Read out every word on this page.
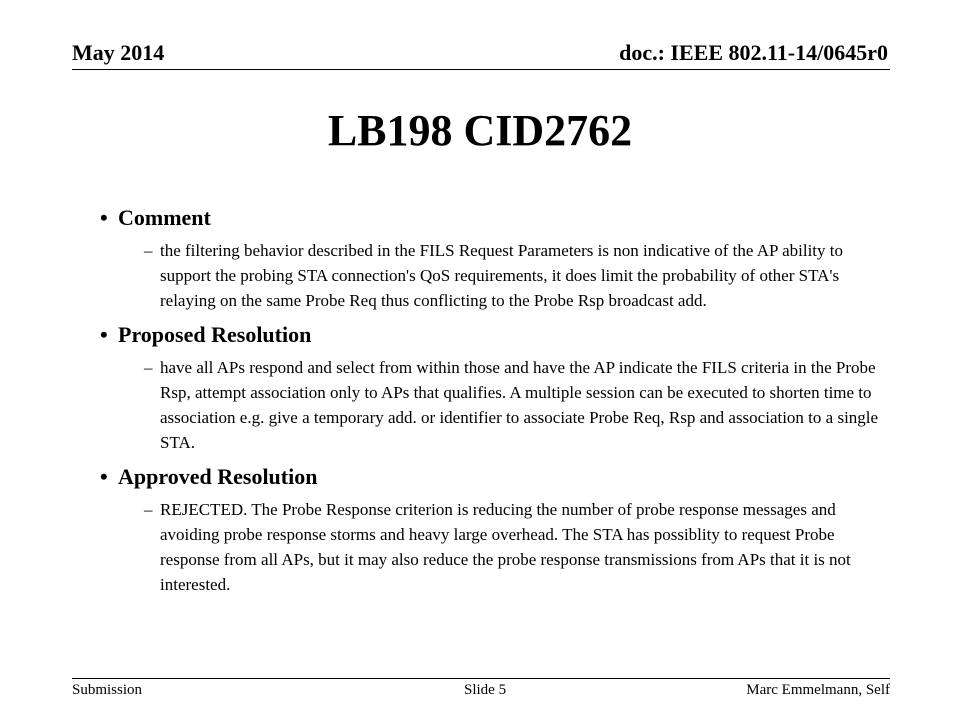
May 2014	doc.: IEEE 802.11-14/0645r0
LB198 CID2762
• Comment
– the filtering behavior described in the FILS Request Parameters is non indicative of the AP ability to support the probing STA connection's QoS requirements, it does limit the probability of other STA's relaying on the same Probe Req thus conflicting to the Probe Rsp broadcast add.
• Proposed Resolution
– have all APs respond and select from within those and have the AP indicate the FILS criteria in the Probe Rsp, attempt association only to APs that qualifies. A multiple session can be executed to shorten time to association e.g. give a temporary add. or identifier to associate Probe Req, Rsp and association to a single STA.
• Approved Resolution
– REJECTED. The Probe Response criterion is reducing the number of probe response messages and avoiding probe response storms and heavy large overhead. The STA has possiblity to request Probe response from all APs, but it may also reduce the probe response transmissions from APs that it is not interested.
Submission	Slide 5	Marc Emmelmann, Self
